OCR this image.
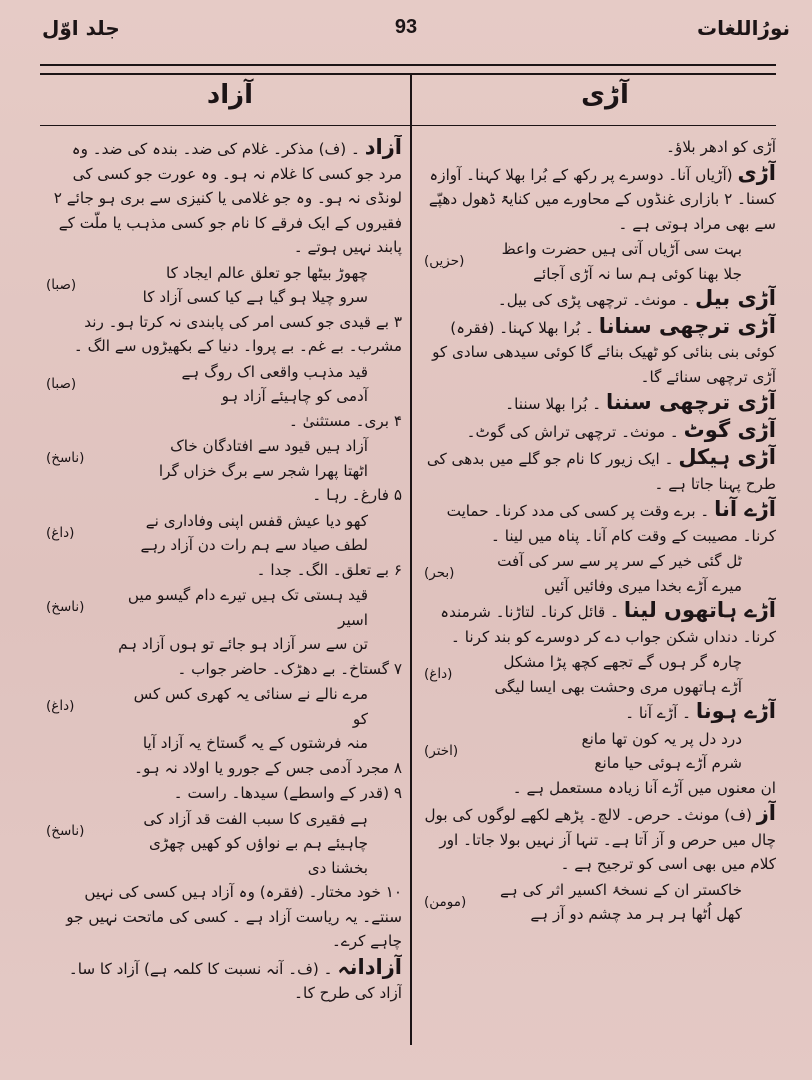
جلد اوّل	93	نورُاللغات
آزاد	آڑی
آڑی کو ادھر بلاؤ۔
آڑی (آڑیاں آنا۔ دوسرے پر رکھ کے بُرا بھلا کہنا۔ آوازہ کسنا۔ ۲ بازاری غنڈوں کے محاورے میں کنایۃً ڈھول دھپّے سے بھی مراد ہوتی ہے ۔
بہت سی آڑیاں آتی ہیں حضرت واعظ
جلا بھنا کوئی ہم سا نہ آڑی آجائے
(حزیں)
آڑی بیل ۔ مونث۔ ترچھی پڑی کی بیل۔
آڑی ترچھی سنانا ۔ بُرا بھلا کہنا۔ (فقرہ) کوئی بنی بنائی کو ٹھیک بنائے گا کوئی سیدھی سادی کو آڑی ترچھی سنائے گا۔
آڑی ترچھی سننا ۔ بُرا بھلا سننا۔
آڑی گوٹ ۔ مونث۔ ترچھی تراش کی گوٹ۔
آڑی ہیکل ۔ ایک زیور کا نام جو گلے میں بدھی کی طرح پہنا جاتا ہے ۔
آڑے آنا ۔ برے وقت پر کسی کی مدد کرنا۔ حمایت کرنا۔ مصیبت کے وقت کام آنا۔ پناہ میں لینا ۔
ٹل گئی خیر کے سر پر سے سر کی آفت
میرے آڑے بخدا میری وفائیں آئیں
(بحر)
آڑے ہاتھوں لینا ۔ قائل کرنا۔ لتاڑنا۔ شرمندہ کرنا۔ دنداں شکن جواب دے کر دوسرے کو بند کرنا ۔
چارہ گر ہوں گے تجھے کچھ پڑا مشکل
آڑے ہاتھوں مری وحشت بھی ایسا لیگی
(داغ)
آڑے ہونا ۔ آڑے آنا ۔
درد دل پر یہ کون تھا مانع
شرم آڑے ہوئی حیا مانع
(اختر)
ان معنوں میں آڑے آنا زیادہ مستعمل ہے ۔
آز (ف) مونث۔ حرص۔ لالچ۔ پڑھے لکھے لوگوں کی بول چال میں حرص و آز آتا ہے۔ تنہا آز نہیں بولا جاتا۔ اور کلام میں بھی اسی کو ترجیح ہے ۔
خاکستر ان کے نسخۂ اکسیر اثر کی ہے
کھل اُٹھا ہر ہر مد چشم دو آز ہے
(مومن)
آزاد ۔ (ف) مذکر۔ غلام کی ضد۔ بندہ کی ضد۔ وہ مرد جو کسی کا غلام نہ ہو۔ وہ عورت جو کسی کی لونڈی نہ ہو۔ وہ جو غلامی یا کنیزی سے بری ہو جائے ۲ فقیروں کے ایک فرقے کا نام جو کسی مذہب یا ملّت کے پابند نہیں ہوتے ۔
چھوڑ بیٹھا جو تعلق عالم ایجاد کا
سرو چیلا ہو گیا ہے کیا کسی آزاد کا
(صبا)
۳ بے قیدی جو کسی امر کی پابندی نہ کرتا ہو۔ رند مشرب۔ بے غم۔ بے پروا۔ دنیا کے بکھیڑوں سے الگ ۔
قید مذہب واقعی اک روگ ہے
آدمی کو چاہیئے آزاد ہو
(صبا)
۴ بری۔ مستثنیٰ ۔
آزاد ہیں قیود سے افتادگان خاک
اٹھتا پھرا شجر سے برگ خزاں گرا
(ناسخ)
۵ فارغ۔ رہا ۔
کھو دیا عیش قفس اپنی وفاداری نے
لطف صیاد سے ہم رات دن آزاد رہے
(داغ)
۶ بے تعلق۔ الگ۔ جدا ۔
قید ہستی تک ہیں تیرے دام گیسو میں اسیر
تن سے سر آزاد ہو جائے تو ہوں آزاد ہم
(ناسخ)
۷ گستاخ۔ بے دھڑک۔ حاضر جواب ۔
مرے نالے نے سنائی یہ کھری کس کس کو
منہ فرشتوں کے یہ گستاخ یہ آزاد آیا
(داغ)
۸ مجرد آدمی جس کے جورو یا اولاد نہ ہو۔
۹ (قدر کے واسطے) سیدھا۔ راست ۔
ہے فقیری کا سبب الفت قد آزاد کی
چاہیئے ہم بے نواؤں کو کھیں چھڑی بخشنا دی
(ناسخ)
۱۰ خود مختار۔ (فقرہ) وہ آزاد ہیں کسی کی نہیں سنتے۔ یہ ریاست آزاد ہے ۔ کسی کی ماتحت نہیں جو چاہے کرے۔
آزادانہ ۔ (ف۔ آنہ نسبت کا کلمہ ہے) آزاد کا سا۔ آزاد کی طرح کا۔
